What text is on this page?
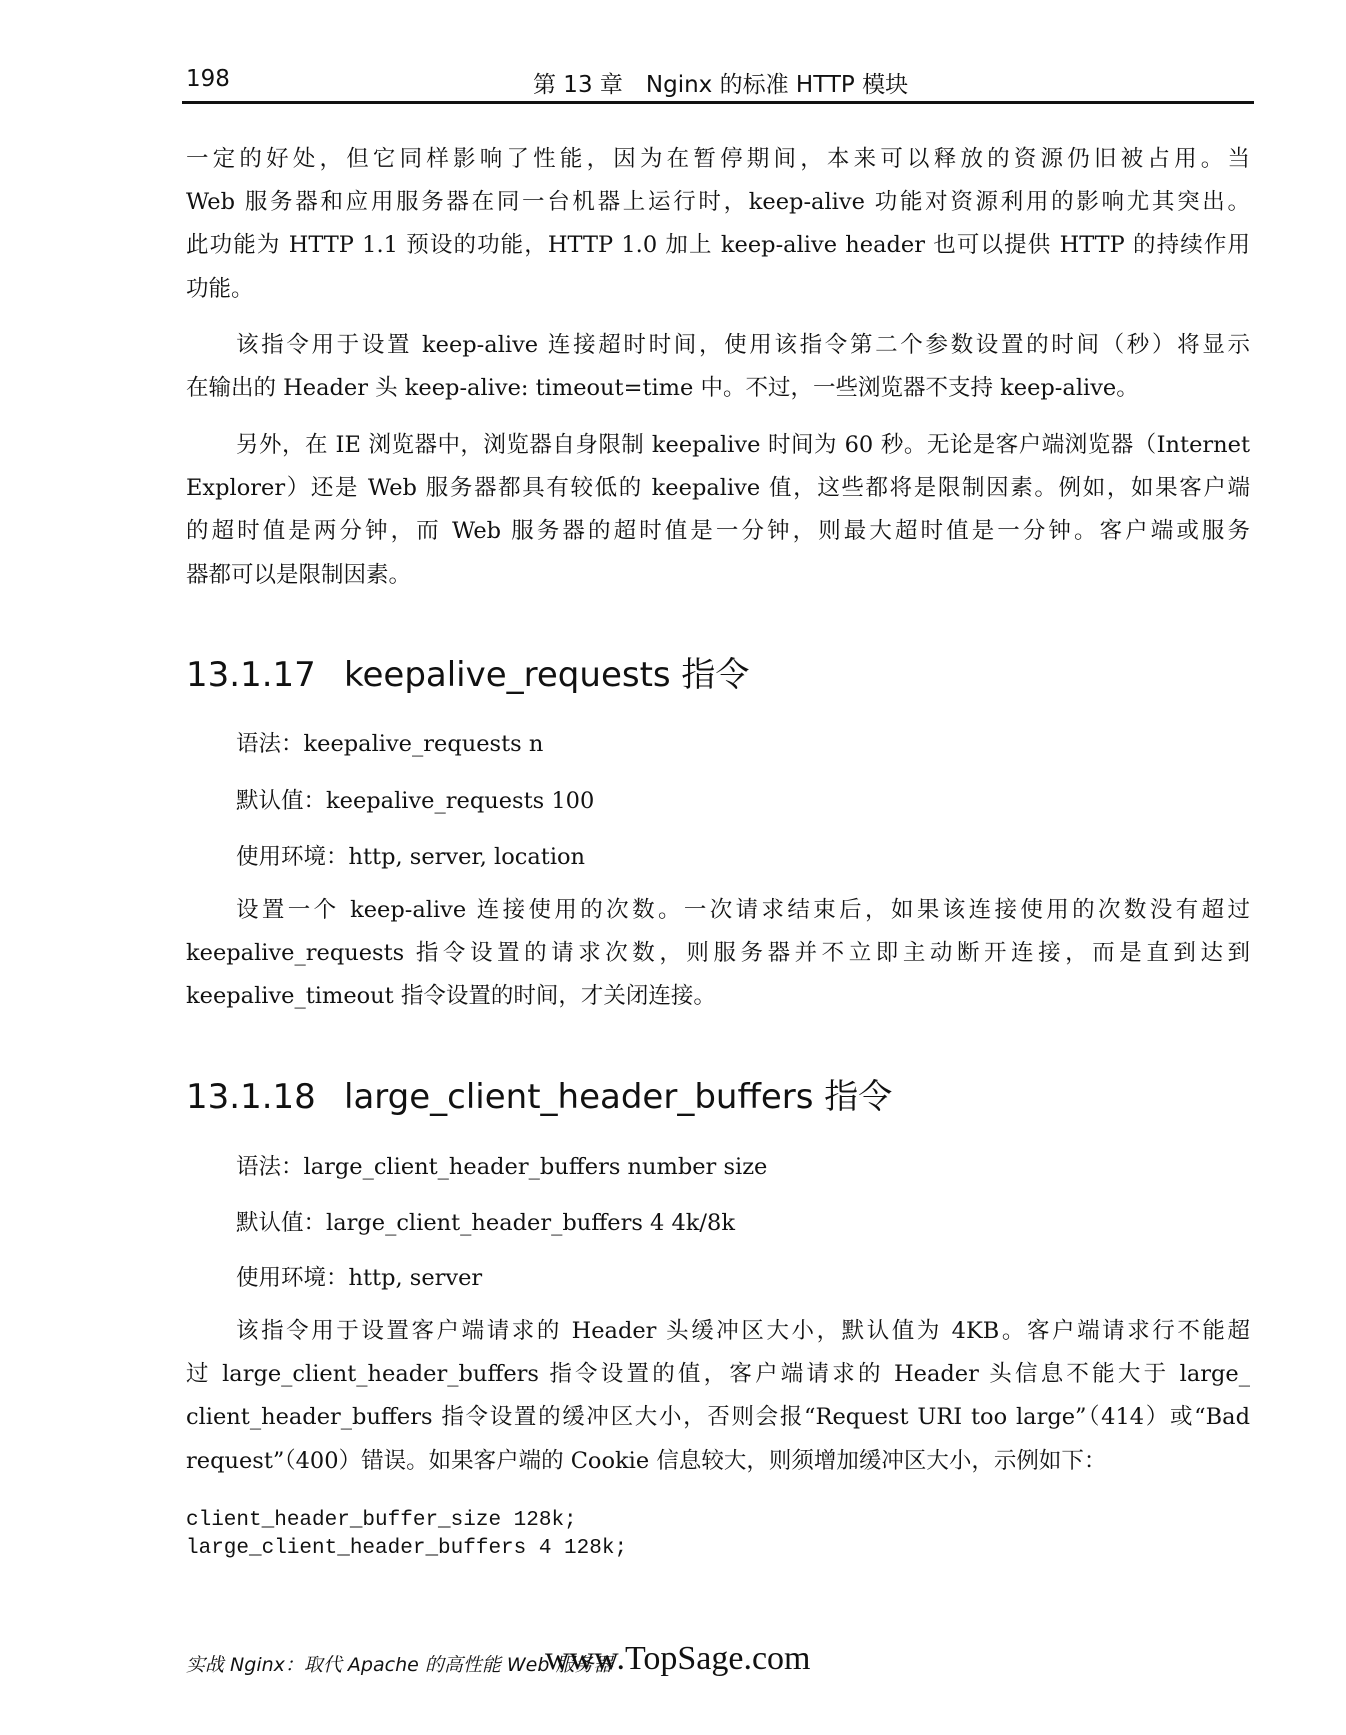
198	第 13 章　Nginx 的标准 HTTP 模块
一定的好处，但它同样影响了性能，因为在暂停期间，本来可以释放的资源仍旧被占用。当
Web 服务器和应用服务器在同一台机器上运行时，keep-alive 功能对资源利用的影响尤其突出。
此功能为 HTTP 1.1 预设的功能，HTTP 1.0 加上 keep-alive header 也可以提供 HTTP 的持续作用
功能。
该指令用于设置 keep-alive 连接超时时间，使用该指令第二个参数设置的时间（秒）将显示
在输出的 Header 头 keep-alive: timeout=time 中。不过，一些浏览器不支持 keep-alive。
另外，在 IE 浏览器中，浏览器自身限制 keepalive 时间为 60 秒。无论是客户端浏览器（Internet
Explorer）还是 Web 服务器都具有较低的 keepalive 值，这些都将是限制因素。例如，如果客户端
的超时值是两分钟，而 Web 服务器的超时值是一分钟，则最大超时值是一分钟。客户端或服务
器都可以是限制因素。
13.1.17 keepalive_requests 指令
语法：keepalive_requests n
默认值：keepalive_requests 100
使用环境：http, server, location
设置一个 keep-alive 连接使用的次数。一次请求结束后，如果该连接使用的次数没有超过
keepalive_requests 指令设置的请求次数，则服务器并不立即主动断开连接，而是直到达到
keepalive_timeout 指令设置的时间，才关闭连接。
13.1.18 large_client_header_buffers 指令
语法：large_client_header_buffers number size
默认值：large_client_header_buffers 4 4k/8k
使用环境：http, server
该指令用于设置客户端请求的 Header 头缓冲区大小，默认值为 4KB。客户端请求行不能超
过 large_client_header_buffers 指令设置的值，客户端请求的 Header 头信息不能大于 large_
client_header_buffers 指令设置的缓冲区大小，否则会报“Request URI too large”（414）或“Bad
request”（400）错误。如果客户端的 Cookie 信息较大，则须增加缓冲区大小，示例如下：
client_header_buffer_size 128k;
large_client_header_buffers 4 128k;
实战 Nginx：取代 Apache 的高性能 Web 服务器
www.TopSage.com
